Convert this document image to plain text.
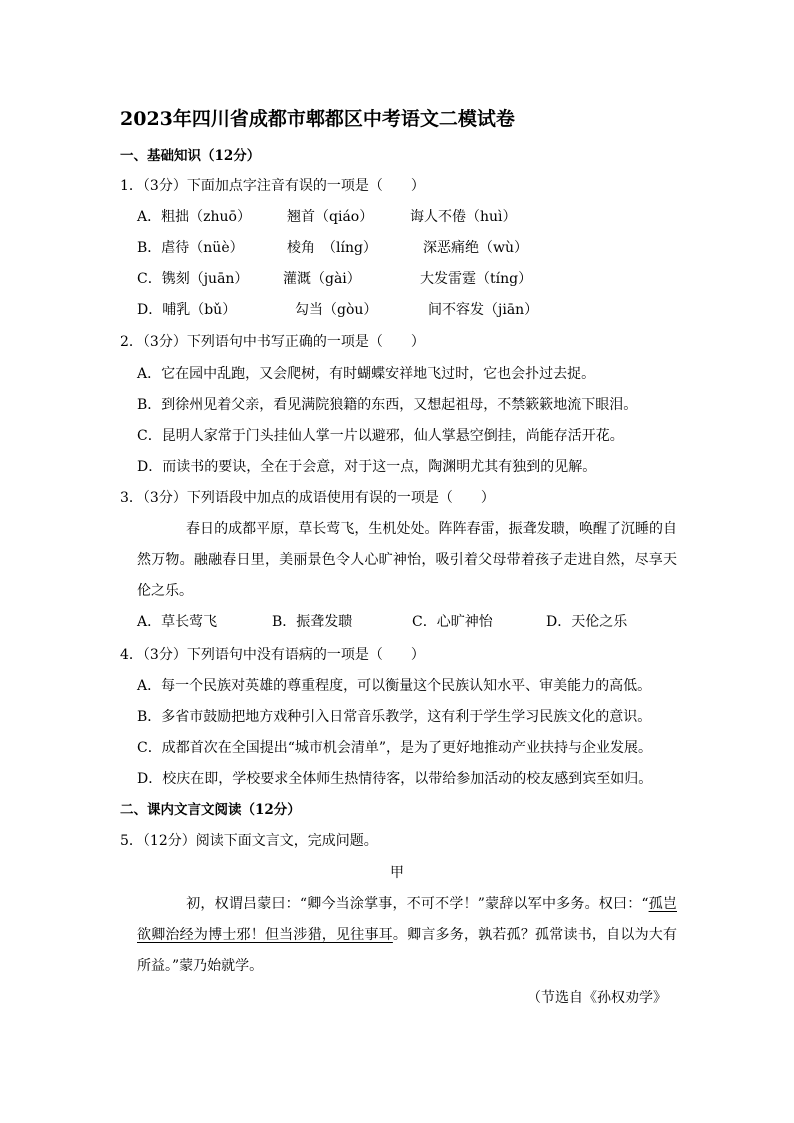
2023年四川省成都市郫都区中考语文二模试卷
一、基础知识（12分）
1．（3分）下面加点字注音有误的一项是（　　）
A．粗拙（zhuō）	翘首（qiáo）	诲人不倦（huì）
B．虐待（nüè）	棱角　（líng）	深恶痛绝（wù）
C．镌刻（juān） 灌溉（gài）	大发雷霆（tíng）
D．哺乳（bǔ）	勾当（gòu）	间不容发（jiān）
2．（3分）下列语句中书写正确的一项是（　　）
A．它在园中乱跑，又会爬树，有时蝴蝶安祥地飞过时，它也会扑过去捉。
B．到徐州见着父亲，看见满院狼籍的东西，又想起祖母，不禁簌簌地流下眼泪。
C．昆明人家常于门头挂仙人掌一片以避邪，仙人掌悬空倒挂，尚能存活开花。
D．而读书的要诀，全在于会意，对于这一点，陶渊明尤其有独到的见解。
3．（3分）下列语段中加点的成语使用有误的一项是（　　）
春日的成都平原，草长莺飞，生机处处。阵阵春雷，振聋发聩，唤醒了沉睡的自然万物。融融春日里，美丽景色令人心旷神怡，吸引着父母带着孩子走进自然，尽享天伦之乐。
A．草长莺飞	B．振聋发聩	C．心旷神怡	D．天伦之乐
4．（3分）下列语句中没有语病的一项是（　　）
A．每一个民族对英雄的尊重程度，可以衡量这个民族认知水平、审美能力的高低。
B．多省市鼓励把地方戏种引入日常音乐教学，这有利于学生学习民族文化的意识。
C．成都首次在全国提出“城市机会清单”，是为了更好地推动产业扶持与企业发展。
D．校庆在即，学校要求全体师生热情待客，以带给参加活动的校友感到宾至如归。
二、课内文言文阅读（12分）
5．（12分）阅读下面文言文，完成问题。
甲
初，权谓吕蒙曰：“卿今当涂掌事，不可不学！”蒙辞以军中多务。权曰：“孤岂欲卿治经为博士邪！但当涉猎，见往事耳。卿言多务，孰若孤？孤常读书，自以为大有所益。”蒙乃始就学。
（节选自《孙权劝学》
